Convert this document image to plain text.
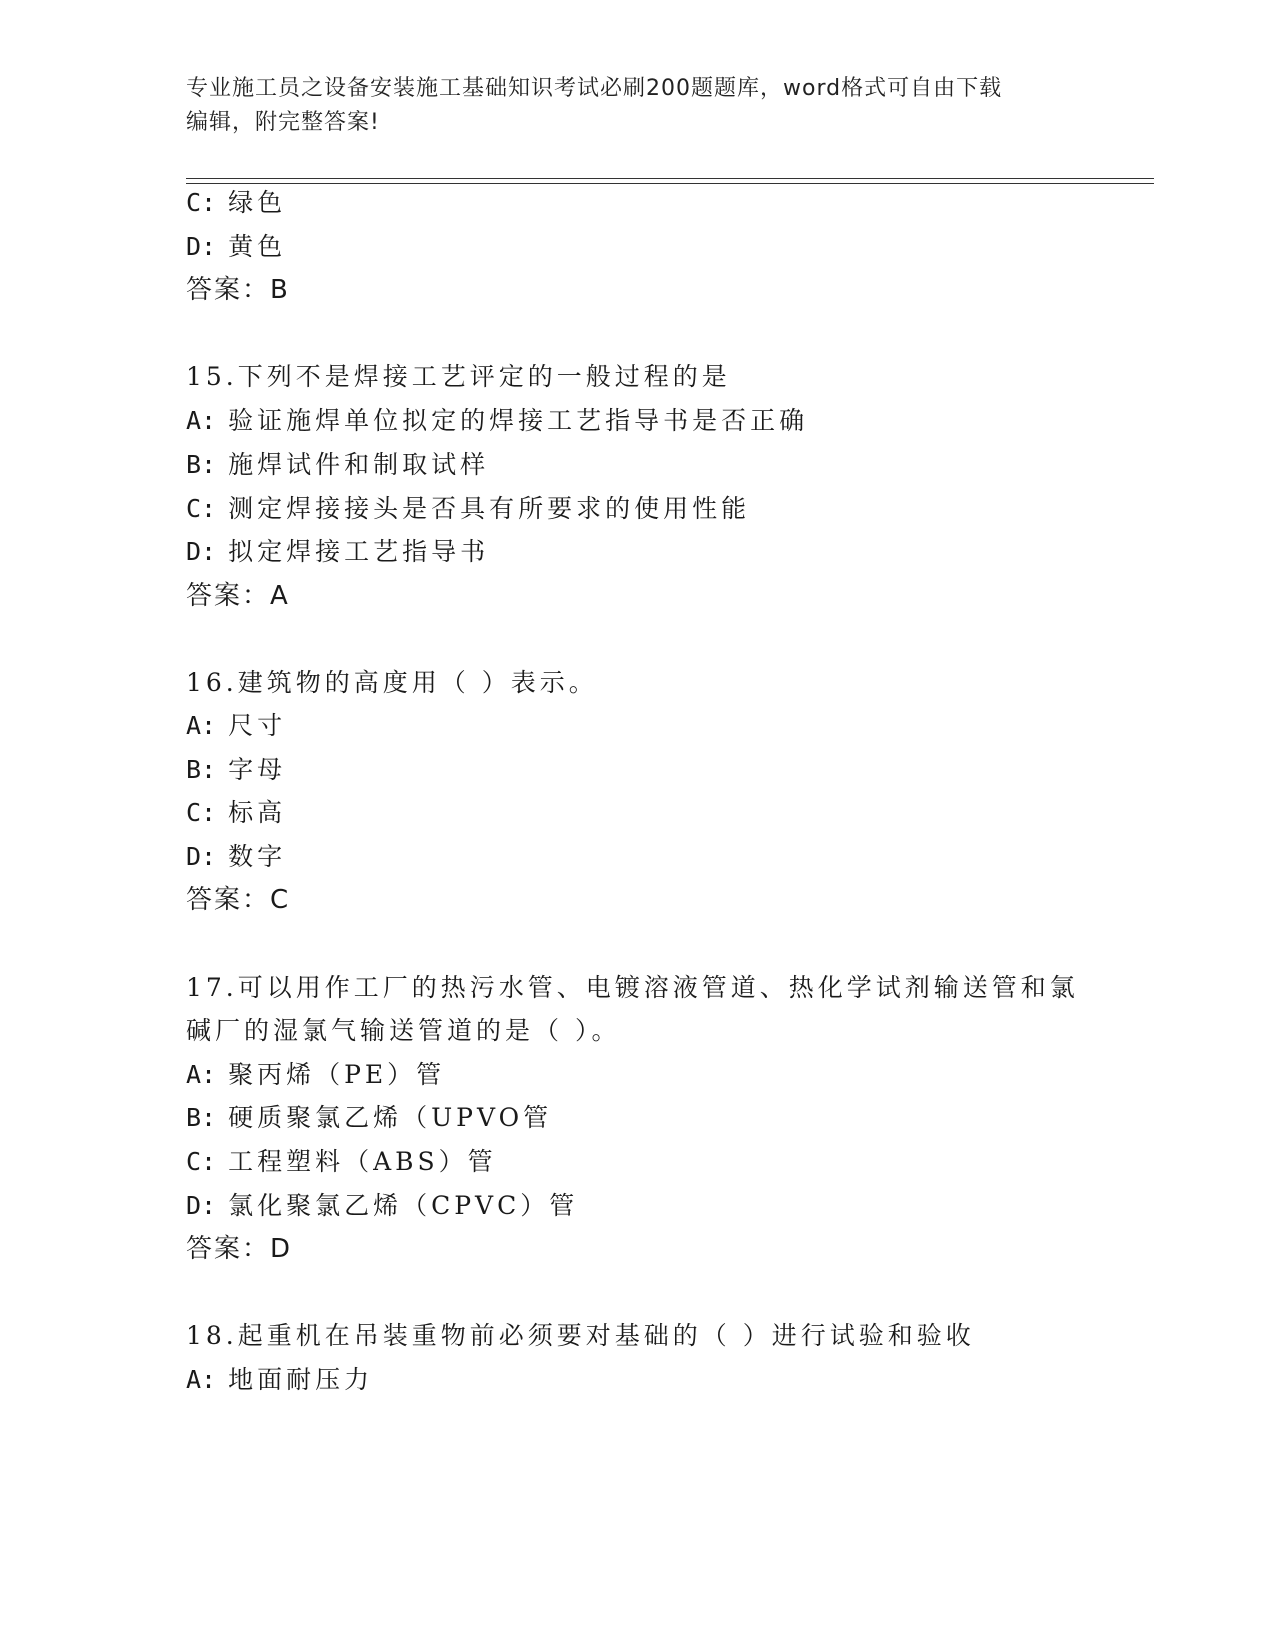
专业施工员之设备安装施工基础知识考试必刷200题题库，word格式可自由下载
编辑，附完整答案!
C: 绿色
D: 黄色
答案：B
15.下列不是焊接工艺评定的一般过程的是
A: 验证施焊单位拟定的焊接工艺指导书是否正确
B: 施焊试件和制取试样
C: 测定焊接接头是否具有所要求的使用性能
D: 拟定焊接工艺指导书
答案：A
16.建筑物的高度用（ ）表示。
A: 尺寸
B: 字母
C: 标高
D: 数字
答案：C
17.可以用作工厂的热污水管、电镀溶液管道、热化学试剂输送管和氯
碱厂的湿氯气输送管道的是（ ）。
A: 聚丙烯（PE）管
B: 硬质聚氯乙烯（UPVO管
C: 工程塑料（ABS）管
D: 氯化聚氯乙烯（CPVC）管
答案：D
18.起重机在吊装重物前必须要对基础的（ ）进行试验和验收
A: 地面耐压力
